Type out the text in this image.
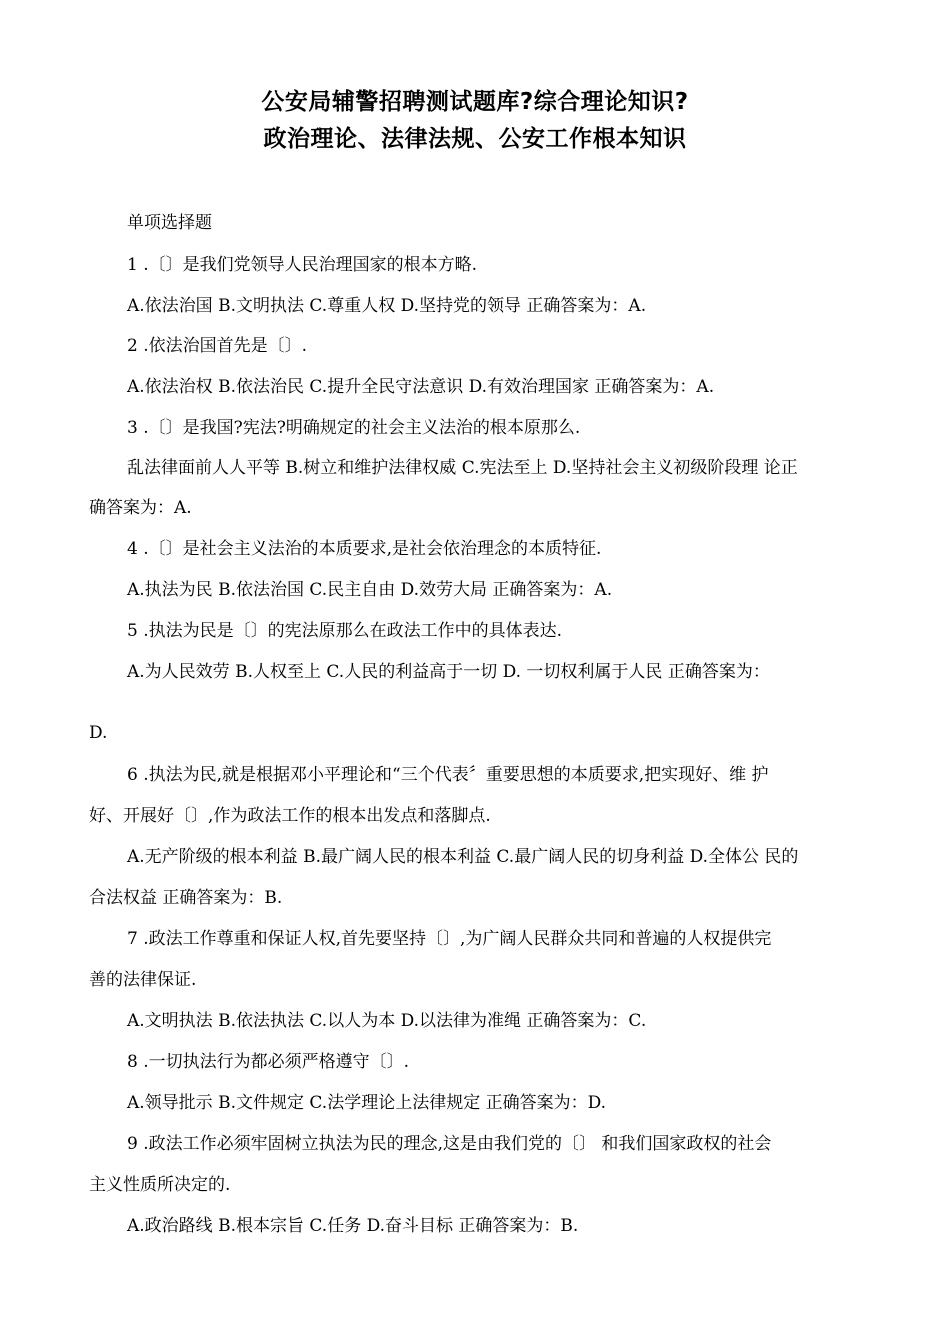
公安局辅警招聘测试题库?综合理论知识?
政治理论、法律法规、公安工作根本知识
单项选择题
1 .〔〕是我们党领导人民治理国家的根本方略.
A.依法治国 B.文明执法 C.尊重人权 D.坚持党的领导 正确答案为：A.
2 .依法治国首先是〔〕.
A.依法治权 B.依法治民 C.提升全民守法意识 D.有效治理国家 正确答案为：A.
3 .〔〕是我国?宪法?明确规定的社会主义法治的根本原那么.
乱法律面前人人平等 B.树立和维护法律权威 C.宪法至上 D.坚持社会主义初级阶段理 论正
确答案为：A.
4 .〔〕是社会主义法治的本质要求,是社会依治理念的本质特征.
A.执法为民 B.依法治国 C.民主自由 D.效劳大局 正确答案为：A.
5 .执法为民是〔〕的宪法原那么在政法工作中的具体表达.
A.为人民效劳 B.人权至上 C.人民的利益高于一切 D. 一切权利属于人民 正确答案为：
D.
6 .执法为民,就是根据邓小平理论和“三个代表〞重要思想的本质要求,把实现好、维 护
好、开展好〔〕,作为政法工作的根本出发点和落脚点.
A.无产阶级的根本利益 B.最广阔人民的根本利益 C.最广阔人民的切身利益 D.全体公 民的
合法权益 正确答案为：B.
7 .政法工作尊重和保证人权,首先要坚持〔〕,为广阔人民群众共同和普遍的人权提供完
善的法律保证.
A.文明执法 B.依法执法 C.以人为本 D.以法律为准绳 正确答案为：C.
8 .一切执法行为都必须严格遵守〔〕.
A.领导批示 B.文件规定 C.法学理论上法律规定 正确答案为：D.
9 .政法工作必须牢固树立执法为民的理念,这是由我们党的〔〕 和我们国家政权的社会
主义性质所决定的.
A.政治路线 B.根本宗旨 C.任务 D.奋斗目标 正确答案为：B.
